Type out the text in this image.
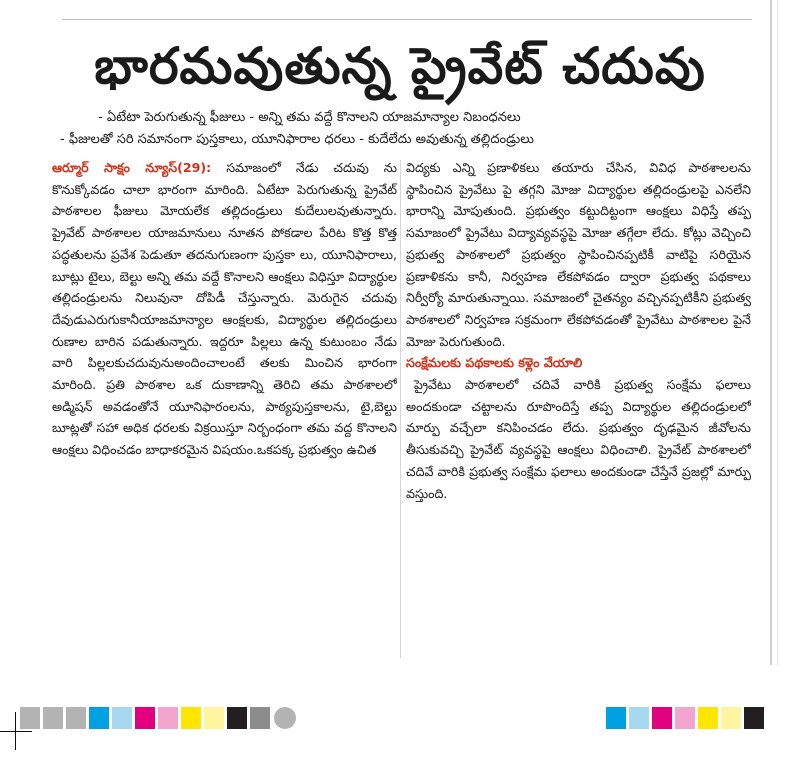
భారమవుతున్న ప్రైవేట్ చదువు
- ఏటేటా పెరుగుతున్న ఫీజులు - అన్ని తమ వద్దే కొనాలని యాజమాన్యాల నిబంధనలు
- ఫీజులతో సరి సమానంగా పుస్తకాలు, యూనిఫారాల ధరలు - కుదేలేదు అవుతున్న తల్లిదండ్రులు

ఆర్మూర్ సాక్షం న్యూస్(29): సమాజంలో నేడు చదువు ను కొనుక్కోవడం చాలా భారంగా మారింది. ఏటేటా పెరుగుతున్న ప్రైవేట్ పాఠశాలల ఫీజులు మోయలేక తల్లిదండ్రులు కుదేలులవుతున్నారు. ప్రైవేట్ పాఠశాలల యాజమానులు నూతన పోకడాల పేరిట కొత్త కొత్త పద్ధతులను ప్రవేశ పెడుతూ తదనుగుణంగా పుస్తకా లు, యూనిఫారాలు, బూట్లు టైలు, బెల్టు అన్ని తమ వద్దే కొనాలని ఆంక్షలు విధిస్తూ విద్యార్థుల తల్లిదండ్రులను నిలువునా దోపిడీ చేస్తున్నారు. మెరుగైన చదువు దేవుడుఎరుగుకానీయాజమాన్యాల ఆంక్షలకు, విద్యార్థుల తల్లిదండ్రులు రుణాల బారిన పడుతున్నారు. ఇద్దరూ పిల్లలు ఉన్న కుటుంబం నేడు వారి పిల్లలకుచదువునుఅందించాలంటే తలకు మించిన భారంగా మారింది. ప్రతి పాఠశాల ఒక దుకాణాన్ని తెరిచి తమ పాఠశాలలో అడ్మిషన్ అవడంతోనే యూనిఫారంలను, పాఠ్యపుస్తకాలను, టై,బెల్టు బూట్లతో సహా అధిక ధరలకు విక్రయిస్తూ నిర్బంధంగా తమ వద్ద కొనాలని ఆంక్షలు విధించడం బాధాకరమైన విషయం.ఒకపక్క ప్రభుత్వం ఉచిత

విద్యకు ఎన్ని ప్రణాళికలు తయారు చేసిన, వివిధ పాఠశాలలను స్థాపించిన ప్రైవేటు పై తగ్గని మోజు విద్యార్థుల తల్లిదండ్రులపై ఎనలేని భారాన్ని మోపుతుంది. ప్రభుత్వం కట్టుదిట్టంగా ఆంక్షలు విధిస్తే తప్ప సమాజంలో ప్రైవేటు విద్యావ్యవస్థపై మోజు తగ్గేలా లేదు. కోట్లు వెచ్చించి ప్రభుత్వ పాఠశాలలో ప్రభుత్వం స్థాపించినప్పటికీ వాటిపై సరియైన ప్రణాళికను కానీ, నిర్వహణ లేకపోవడం ద్వారా ప్రభుత్వ పథకాలు నిర్వీర్యో మారుతున్నాయి. సమాజంలో చైతన్యం వచ్చినప్పటికీని ప్రభుత్వ పాఠశాలలో నిర్వహణ సక్రమంగా లేకపోవడంతో ప్రైవేటు పాఠశాలల పైనే మోజు పెరుగుతుంది.

సంక్షేమలకు పథకాలకు కళ్లెం వేయాలి

ప్రైవేటు పాఠశాలలో చదివే వారికి ప్రభుత్వ సంక్షేమ ఫలాలు అందకుండా చట్టాలను రూపొందిస్తే తప్ప విద్యార్థుల తల్లిదండ్రులలో మార్పు వచ్చేలా కనిపించడం లేదు. ప్రభుత్వం దృఢమైన జీవోలను తీసుకువచ్చి ప్రైవేట్ వ్యవస్థపై ఆంక్షలు విధించాలి. ప్రైవేట్ పాఠశాలలో చదివే వారికి ప్రభుత్వ సంక్షేమ ఫలాలు అందకుండా చేస్తేనే ప్రజల్లో మార్పు వస్తుంది.
